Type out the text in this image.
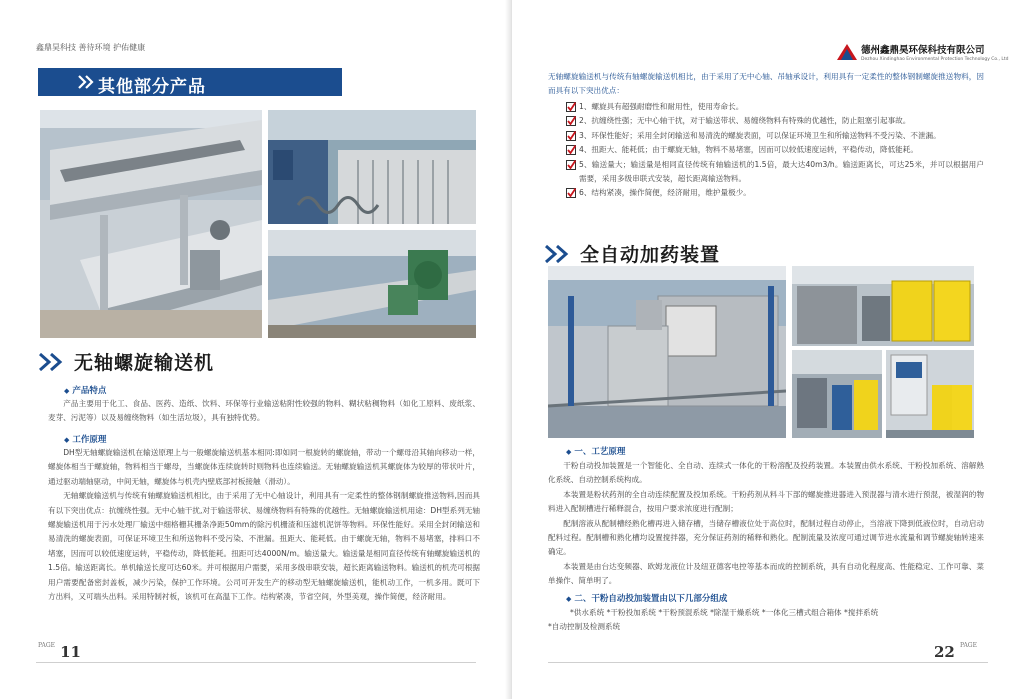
鑫鼎昊科技 善待环境 护佑健康
其他部分产品
无轴螺旋输送机
◆ 产品特点

产品主要用于化工、食品、医药、造纸、饮料、环保等行业输送粘附性较强的物料、糊状粘稠物料（如化工原料、废纸浆、麦芽、污泥等）以及易缠绕物料（如生活垃圾），具有独特优势。

◆ 工作原理

DH型无轴螺旋输送机在输送原理上与一般螺旋输送机基本相同:即如同一根旋转的螺旋轴，带动一个螺母沿其轴向移动一样，螺旋体相当于螺旋轴，物料相当于螺母，当螺旋体连续旋转时则物料也连续输送。无轴螺旋输送机其螺旋体为较厚的带状叶片，通过驱动端轴驱动，中间无轴，螺旋体与机壳内壁底部衬板接触（滑动）。

无轴螺旋输送机与传统有轴螺旋输送机相比，由于采用了无中心轴设计，利用具有一定柔性的整体钢制螺旋推送物料,因而具有以下突出优点：抗缠绕性强。无中心轴干扰,对于输送带状、易缠绕物料有特殊的优越性。无轴螺旋输送机用途：DH型系列无轴螺旋输送机用于污水处理厂输送中细格栅其栅条净距50mm的除污机栅渣和压滤机泥饼等物料。环保性能好。采用全封闭输送和易清洗的螺旋表面，可保证环境卫生和所送物料不受污染、不泄漏。扭距大、能耗低。由于螺旋无轴，物料不易堵塞，排料口不堵塞，因而可以较低速度运转，平稳传动，降低能耗。扭距可达4000N/m。输送量大。输送量是相同直径传统有轴螺旋输送机的1.5倍。输送距离长。单机输送长度可达60米。并可根据用户需要，采用多级串联安装，超长距离输送物料。输送机的机壳可根据用户需要配备密封盖板，减少污染，保护工作环境。公司可开发生产的移动型无轴螺旋输送机，能机动工作，一机多用。既可下方出料，又可端头出料。采用特制衬板，该机可在高温下工作。结构紧凑，节省空间，外型美观，操作简便，经济耐用。

$^{PAGE}$ 11
德州鑫鼎昊环保科技有限公司
Dezhou Xindinghao Environmental Protection Technology Co., Ltd

无轴螺旋输送机与传统有轴螺旋输送机相比，由于采用了无中心轴、吊轴承设计，利用具有一定柔性的整体钢制螺旋推送物料，因而具有以下突出优点：

1、螺旋具有超强耐磨性和耐用性，使用寿命长。
2、抗缠绕性强；无中心轴干扰，对于输送带状、易缠绕物料有特殊的优越性，防止阻塞引起事故。
3、环保性能好；采用全封闭输送和易清洗的螺旋表面，可以保证环境卫生和所输送物料不受污染、不泄漏。
4、扭距大、能耗低；由于螺旋无轴，物料不易堵塞，因而可以较低速度运转，平稳传动，降低能耗。
5、输送量大；输送量是相同直径传统有轴输送机的1.5倍，最大达40m3/h。输送距离长，可达25米，并可以根据用户需要，采用多级串联式安装，超长距离输送物料。
6、结构紧凑，操作简便，经济耐用，维护量极少。
全自动加药装置
◆ 一、工艺原理

干粉自动投加装置是一个智能化、全自动、连续式一体化的干粉溶配及投药装置。本装置由供水系统、干粉投加系统、溶解熟化系统、自动控制系统构成。

本装置是粉状药剂的全自动连续配置及投加系统。干粉药剂从料斗下部的螺旋推进器进入预混器与清水进行预混，被湿润的物料进入配制槽进行稀释混合，按用户要求浓度进行配制；

配制溶液从配制槽经熟化槽再进入储存槽，当储存槽液位处于高位时，配制过程自动停止，当溶液下降到低液位时，自动启动配料过程。配制槽和熟化槽均设置搅拌器，充分保证药剂的稀释和熟化。配制流量及浓度可通过调节进水流量和调节螺旋轴转速来确定。

本装置是由台达变频器、欧姆龙液位计及纽亚德客电控等基本而成的控制系统，具有自动化程度高、性能稳定、工作可靠、菜单操作、简单明了。

◆ 二、干粉自动投加装置由以下几部分组成

*供水系统 *干粉投加系统 *干粉预混系统 *除湿干燥系统 *一体化三槽式组合箱体 *搅拌系统

*自动控制及检测系统

22 $^{PAGE}$
